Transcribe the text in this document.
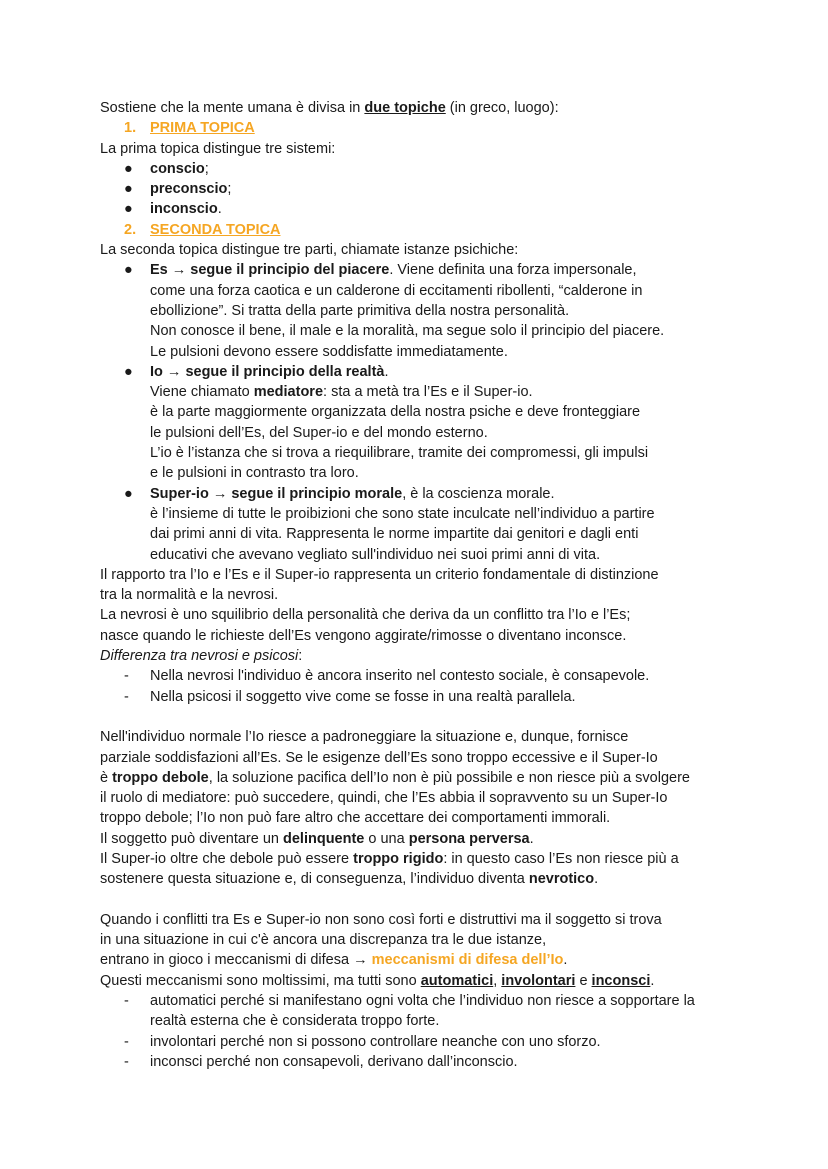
Sostiene che la mente umana è divisa in due topiche (in greco, luogo):
1. PRIMA TOPICA
La prima topica distingue tre sistemi:
●	conscio;
●	preconscio;
●	inconscio.
2. SECONDA TOPICA
La seconda topica distingue tre parti, chiamate istanze psichiche:
●	Es → segue il principio del piacere. Viene definita una forza impersonale,
come una forza caotica e un calderone di eccitamenti ribollenti, “calderone in
ebollizione”. Si tratta della parte primitiva della nostra personalità.
Non conosce il bene, il male e la moralità, ma segue solo il principio del piacere.
Le pulsioni devono essere soddisfatte immediatamente.
●	Io → segue il principio della realtà.
Viene chiamato mediatore: sta a metà tra l’Es e il Super-io.
è la parte maggiormente organizzata della nostra psiche e deve fronteggiare
le pulsioni dell’Es, del Super-io e del mondo esterno.
L’io è l’istanza che si trova a riequilibrare, tramite dei compromessi, gli impulsi
e le pulsioni in contrasto tra loro.
●	Super-io → segue il principio morale, è la coscienza morale.
è l’insieme di tutte le proibizioni che sono state inculcate nell’individuo a partire
dai primi anni di vita. Rappresenta le norme impartite dai genitori e dagli enti
educativi che avevano vegliato sull'individuo nei suoi primi anni di vita.
Il rapporto tra l’Io e l’Es e il Super-io rappresenta un criterio fondamentale di distinzione
tra la normalità e la nevrosi.
La nevrosi è uno squilibrio della personalità che deriva da un conflitto tra l’Io e l’Es;
nasce quando le richieste dell’Es vengono aggirate/rimosse o diventano inconsce.
Differenza tra nevrosi e psicosi:
-	Nella nevrosi l'individuo è ancora inserito nel contesto sociale, è consapevole.
-	Nella psicosi il soggetto vive come se fosse in una realtà parallela.
Nell'individuo normale l’Io riesce a padroneggiare la situazione e, dunque, fornisce
parziale soddisfazioni all’Es. Se le esigenze dell’Es sono troppo eccessive e il Super-Io
è troppo debole, la soluzione pacifica dell’Io non è più possibile e non riesce più a svolgere
il ruolo di mediatore: può succedere, quindi, che l’Es abbia il sopravvento su un Super-Io
troppo debole; l’Io non può fare altro che accettare dei comportamenti immorali.
Il soggetto può diventare un delinquente o una persona perversa.
Il Super-io oltre che debole può essere troppo rigido: in questo caso l’Es non riesce più a
sostenere questa situazione e, di conseguenza, l’individuo diventa nevrotico.
Quando i conflitti tra Es e Super-io non sono così forti e distruttivi ma il soggetto si trova
in una situazione in cui c'è ancora una discrepanza tra le due istanze,
entrano in gioco i meccanismi di difesa → meccanismi di difesa dell’Io.
Questi meccanismi sono moltissimi, ma tutti sono automatici, involontari e inconsci.
-	automatici perché si manifestano ogni volta che l’individuo non riesce a sopportare la
realtà esterna che è considerata troppo forte.
-	involontari perché non si possono controllare neanche con uno sforzo.
-	inconsci perché non consapevoli, derivano dall’inconscio.
